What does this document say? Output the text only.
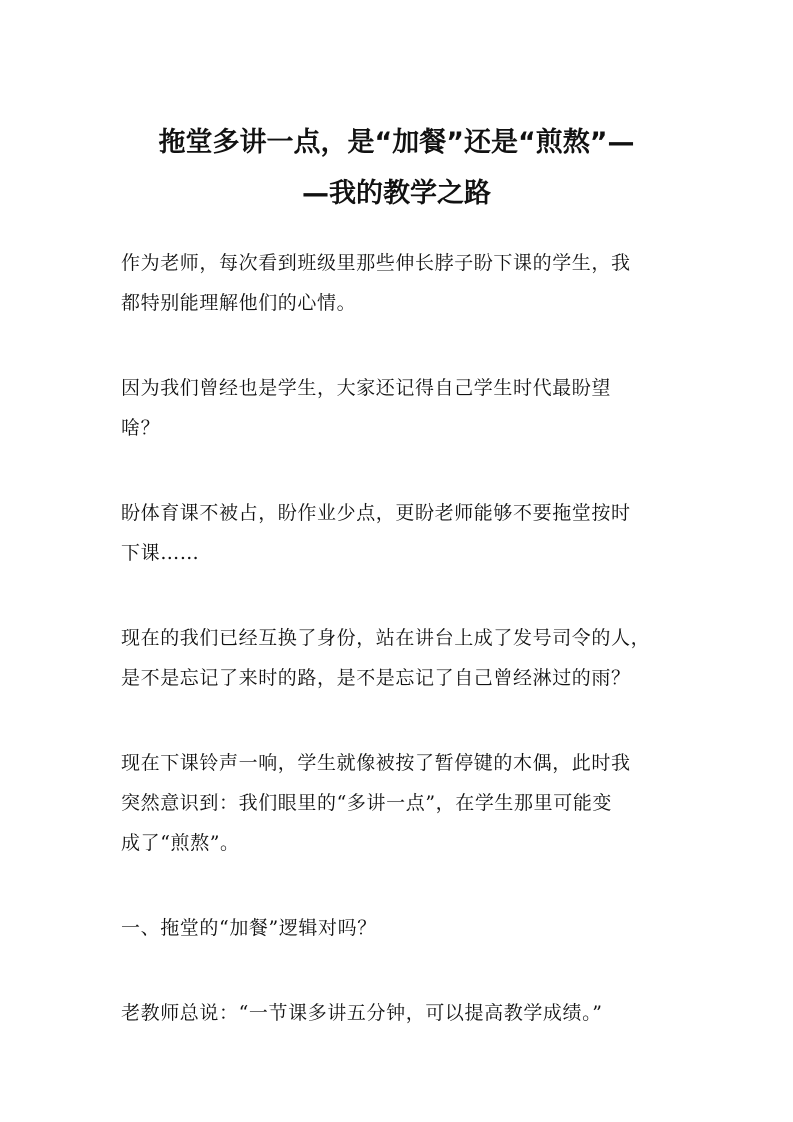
拖堂多讲一点，是“加餐”还是“煎熬”—
—我的教学之路
作为老师，每次看到班级里那些伸长脖子盼下课的学生，我
都特别能理解他们的心情。
因为我们曾经也是学生，大家还记得自己学生时代最盼望
啥？
盼体育课不被占，盼作业少点，更盼老师能够不要拖堂按时
下课……
现在的我们已经互换了身份，站在讲台上成了发号司令的人，
是不是忘记了来时的路，是不是忘记了自己曾经淋过的雨？
现在下课铃声一响，学生就像被按了暂停键的木偶，此时我
突然意识到：我们眼里的“多讲一点”，在学生那里可能变
成了“煎熬”。
一、拖堂的“加餐”逻辑对吗？
老教师总说：“一节课多讲五分钟，可以提高教学成绩。”
